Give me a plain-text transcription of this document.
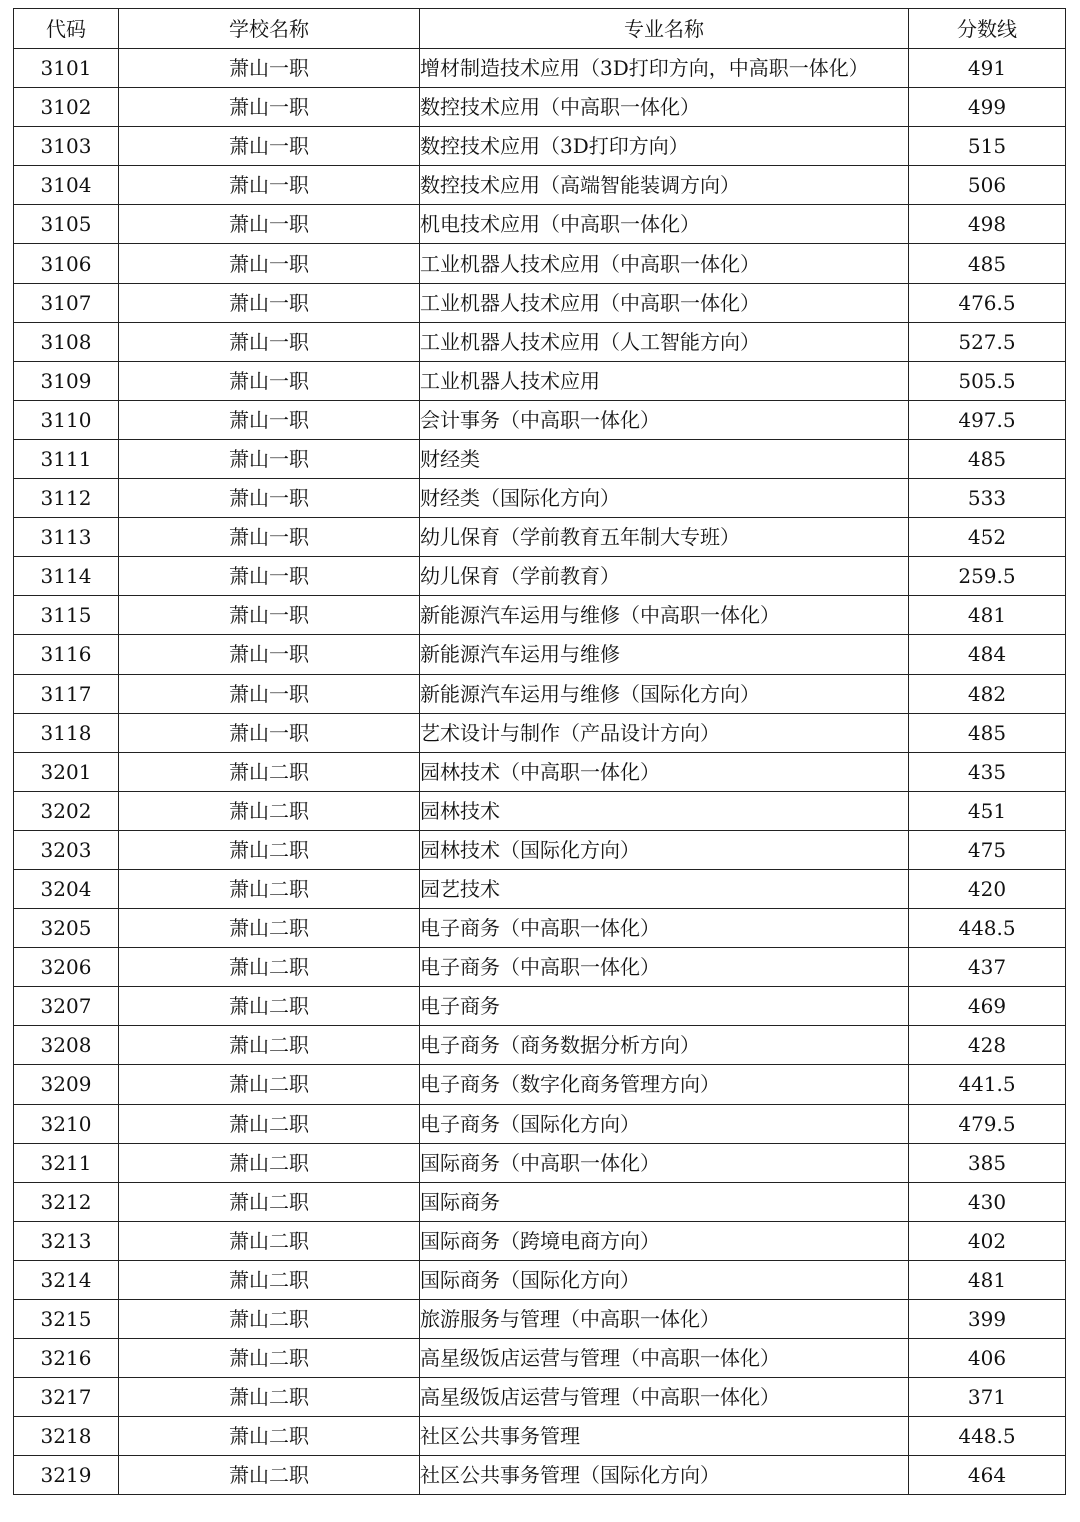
代码	学校名称	专业名称	分数线
3101	萧山一职	增材制造技术应用（3D打印方向，中高职一体化）	491
3102	萧山一职	数控技术应用（中高职一体化）	499
3103	萧山一职	数控技术应用（3D打印方向）	515
3104	萧山一职	数控技术应用（高端智能装调方向）	506
3105	萧山一职	机电技术应用（中高职一体化）	498
3106	萧山一职	工业机器人技术应用（中高职一体化）	485
3107	萧山一职	工业机器人技术应用（中高职一体化）	476.5
3108	萧山一职	工业机器人技术应用（人工智能方向）	527.5
3109	萧山一职	工业机器人技术应用	505.5
3110	萧山一职	会计事务（中高职一体化）	497.5
3111	萧山一职	财经类	485
3112	萧山一职	财经类（国际化方向）	533
3113	萧山一职	幼儿保育（学前教育五年制大专班）	452
3114	萧山一职	幼儿保育（学前教育）	259.5
3115	萧山一职	新能源汽车运用与维修（中高职一体化）	481
3116	萧山一职	新能源汽车运用与维修	484
3117	萧山一职	新能源汽车运用与维修（国际化方向）	482
3118	萧山一职	艺术设计与制作（产品设计方向）	485
3201	萧山二职	园林技术（中高职一体化）	435
3202	萧山二职	园林技术	451
3203	萧山二职	园林技术（国际化方向）	475
3204	萧山二职	园艺技术	420
3205	萧山二职	电子商务（中高职一体化）	448.5
3206	萧山二职	电子商务（中高职一体化）	437
3207	萧山二职	电子商务	469
3208	萧山二职	电子商务（商务数据分析方向）	428
3209	萧山二职	电子商务（数字化商务管理方向）	441.5
3210	萧山二职	电子商务（国际化方向）	479.5
3211	萧山二职	国际商务（中高职一体化）	385
3212	萧山二职	国际商务	430
3213	萧山二职	国际商务（跨境电商方向）	402
3214	萧山二职	国际商务（国际化方向）	481
3215	萧山二职	旅游服务与管理（中高职一体化）	399
3216	萧山二职	高星级饭店运营与管理（中高职一体化）	406
3217	萧山二职	高星级饭店运营与管理（中高职一体化）	371
3218	萧山二职	社区公共事务管理	448.5
3219	萧山二职	社区公共事务管理（国际化方向）	464
